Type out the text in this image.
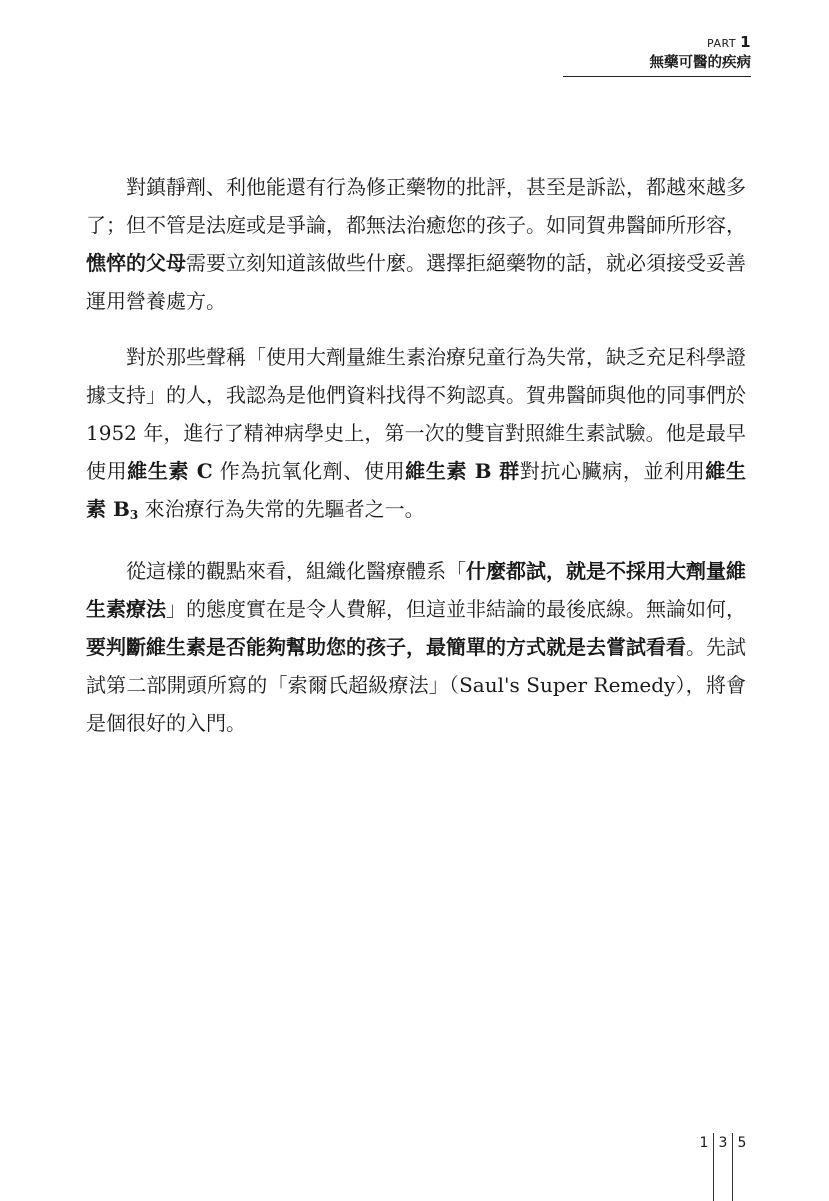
PART 1
無藥可醫的疾病

對鎮靜劑、利他能還有行為修正藥物的批評，甚至是訴訟，都越來越多了；但不管是法庭或是爭論，都無法治癒您的孩子。如同賀弗醫師所形容，憔悴的父母需要立刻知道該做些什麼。選擇拒絕藥物的話，就必須接受妥善運用營養處方。

對於那些聲稱「使用大劑量維生素治療兒童行為失常，缺乏充足科學證據支持」的人，我認為是他們資料找得不夠認真。賀弗醫師與他的同事們於 1952 年，進行了精神病學史上，第一次的雙盲對照維生素試驗。他是最早使用維生素 C 作為抗氧化劑、使用維生素 B 群對抗心臟病，並利用維生素 $B_3$ 來治療行為失常的先驅者之一。

從這樣的觀點來看，組織化醫療體系「什麼都試，就是不採用大劑量維生素療法」的態度實在是令人費解，但這並非結論的最後底線。無論如何，要判斷維生素是否能夠幫助您的孩子，最簡單的方式就是去嘗試看看。先試試第二部開頭所寫的「索爾氏超級療法」（Saul's Super Remedy），將會是個很好的入門。

1 3 5
